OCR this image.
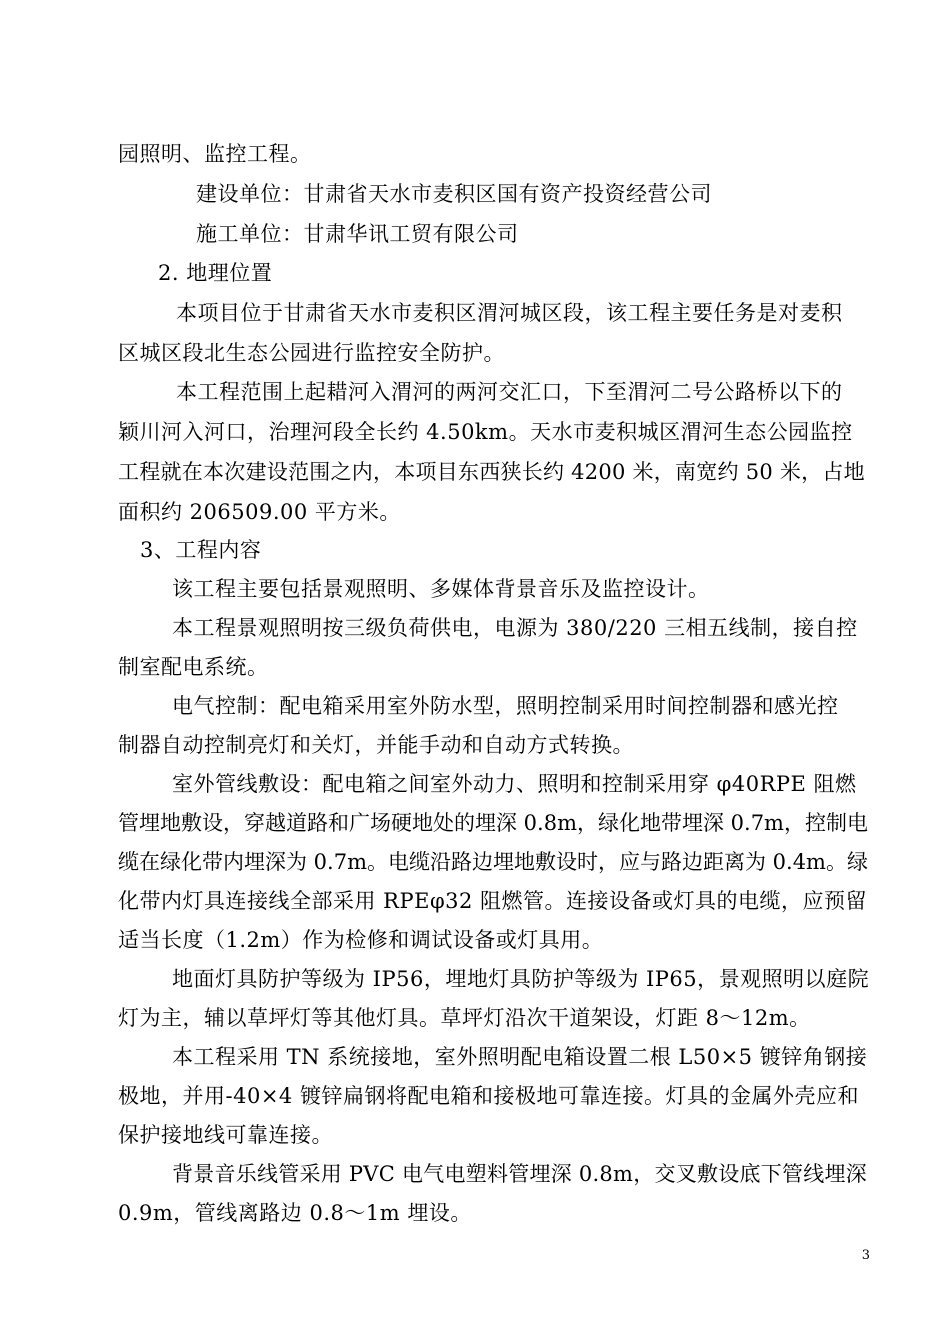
园照明、监控工程。
建设单位：甘肃省天水市麦积区国有资产投资经营公司
施工单位：甘肃华讯工贸有限公司
2. 地理位置
本项目位于甘肃省天水市麦积区渭河城区段，该工程主要任务是对麦积
区城区段北生态公园进行监控安全防护。
本工程范围上起耤河入渭河的两河交汇口，下至渭河二号公路桥以下的
颖川河入河口，治理河段全长约 4.50km。天水市麦积城区渭河生态公园监控
工程就在本次建设范围之内，本项目东西狭长约 4200 米，南宽约 50 米，占地
面积约 206509.00 平方米。
3、工程内容
该工程主要包括景观照明、多媒体背景音乐及监控设计。
本工程景观照明按三级负荷供电，电源为 380/220 三相五线制，接自控
制室配电系统。
电气控制：配电箱采用室外防水型，照明控制采用时间控制器和感光控
制器自动控制亮灯和关灯，并能手动和自动方式转换。
室外管线敷设：配电箱之间室外动力、照明和控制采用穿 φ40RPE 阻燃
管埋地敷设，穿越道路和广场硬地处的埋深 0.8m，绿化地带埋深 0.7m，控制电
缆在绿化带内埋深为 0.7m。电缆沿路边埋地敷设时，应与路边距离为 0.4m。绿
化带内灯具连接线全部采用 RPEφ32 阻燃管。连接设备或灯具的电缆，应预留
适当长度（1.2m）作为检修和调试设备或灯具用。
地面灯具防护等级为 IP56，埋地灯具防护等级为 IP65，景观照明以庭院
灯为主，辅以草坪灯等其他灯具。草坪灯沿次干道架设，灯距 8～12m。
本工程采用 TN 系统接地，室外照明配电箱设置二根 L50×5 镀锌角钢接
极地，并用-40×4 镀锌扁钢将配电箱和接极地可靠连接。灯具的金属外壳应和
保护接地线可靠连接。
背景音乐线管采用 PVC 电气电塑料管埋深 0.8m，交叉敷设底下管线埋深
0.9m，管线离路边 0.8～1m 埋设。
3
